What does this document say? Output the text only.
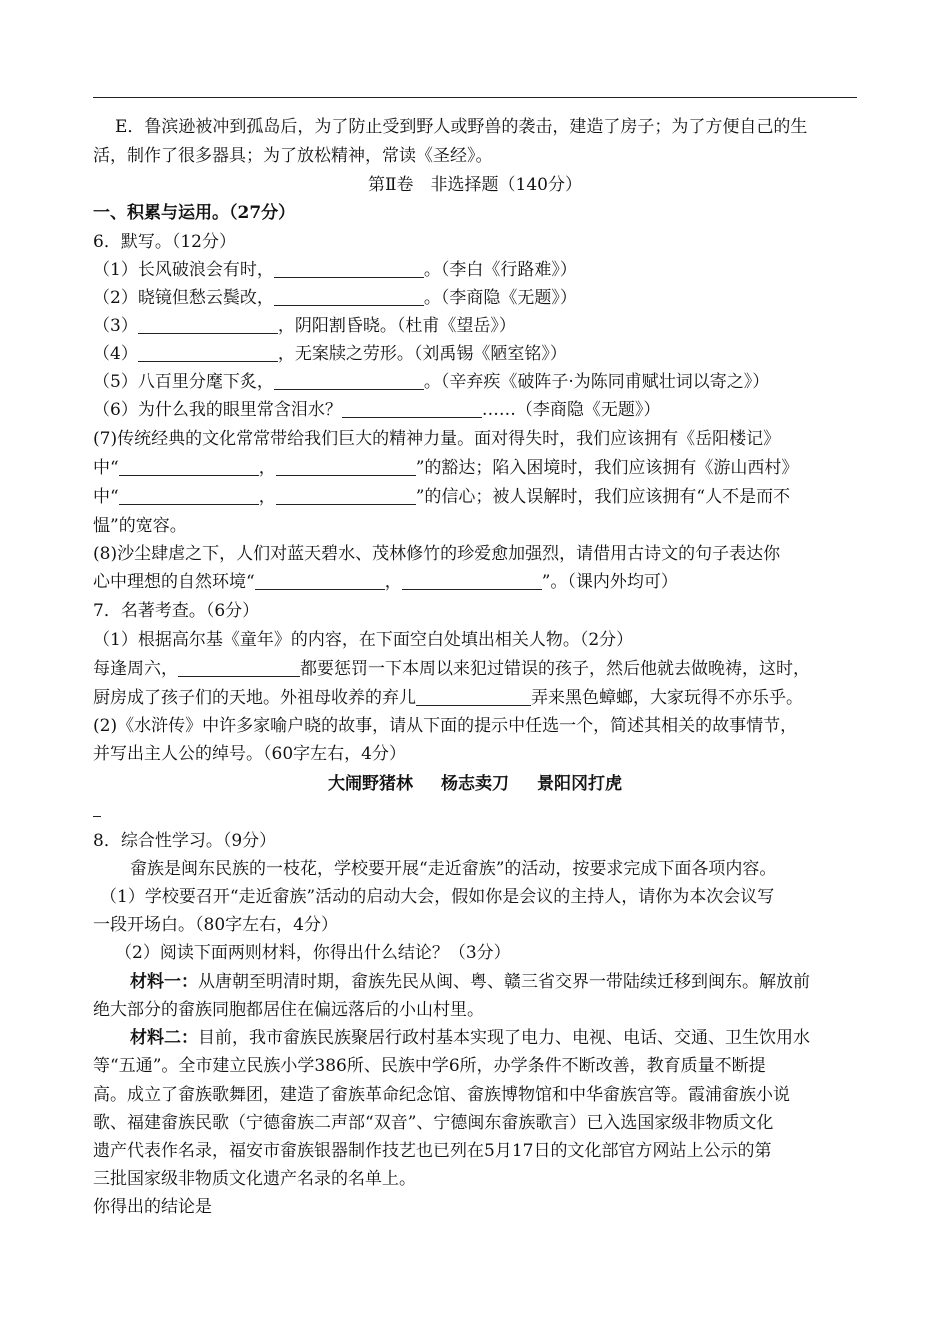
E．鲁滨逊被冲到孤岛后，为了防止受到野人或野兽的袭击，建造了房子；为了方便自己的生
活，制作了很多器具；为了放松精神，常读《圣经》。
第Ⅱ卷　非选择题（140分）
一、积累与运用。（27分）
6．默写。（12分）
（1）长风破浪会有时，	。（李白《行路难》）
（2）晓镜但愁云鬓改，	。（李商隐《无题》）
（3）	，阴阳割昏晓。（杜甫《望岳》）
（4）	，无案牍之劳形。（刘禹锡《陋室铭》）
（5）八百里分麾下炙，	。（辛弃疾《破阵子·为陈同甫赋壮词以寄之》）
（6）为什么我的眼里常含泪水？	……（李商隐《无题》）
(7)传统经典的文化常常带给我们巨大的精神力量。面对得失时，我们应该拥有《岳阳楼记》
中“	，	”的豁达；陷入困境时，我们应该拥有《游山西村》
中“	，	”的信心；被人误解时，我们应该拥有“人不是而不
愠”的宽容。
(8)沙尘肆虐之下，人们对蓝天碧水、茂林修竹的珍爱愈加强烈，请借用古诗文的句子表达你
心中理想的自然环境“	，	”。（课内外均可）
7．名著考查。（6分）
（1）根据高尔基《童年》的内容，在下面空白处填出相关人物。（2分）
每逢周六，	都要惩罚一下本周以来犯过错误的孩子，然后他就去做晚祷，这时，
厨房成了孩子们的天地。外祖母收养的弃儿	弄来黑色蟑螂，大家玩得不亦乐乎。
(2)《水浒传》中许多家喻户晓的故事，请从下面的提示中任选一个，简述其相关的故事情节，
并写出主人公的绰号。（60字左右，4分）
大闹野猪林 杨志卖刀 景阳冈打虎
8．综合性学习。（9分）
畲族是闽东民族的一枝花，学校要开展“走近畲族”的活动，按要求完成下面各项内容。
（1）学校要召开“走近畲族”活动的启动大会，假如你是会议的主持人，请你为本次会议写
一段开场白。（80字左右，4分）
（2）阅读下面两则材料，你得出什么结论？（3分）
材料一：从唐朝至明清时期，畲族先民从闽、粤、赣三省交界一带陆续迁移到闽东。解放前
绝大部分的畲族同胞都居住在偏远落后的小山村里。
材料二：目前，我市畲族民族聚居行政村基本实现了电力、电视、电话、交通、卫生饮用水
等“五通”。全市建立民族小学386所、民族中学6所，办学条件不断改善，教育质量不断提
高。成立了畲族歌舞团，建造了畲族革命纪念馆、畲族博物馆和中华畲族宫等。霞浦畲族小说
歌、福建畲族民歌（宁德畲族二声部“双音”、宁德闽东畲族歌言）已入选国家级非物质文化
遗产代表作名录，福安市畲族银器制作技艺也已列在5月17日的文化部官方网站上公示的第
三批国家级非物质文化遗产名录的名单上。
你得出的结论是
